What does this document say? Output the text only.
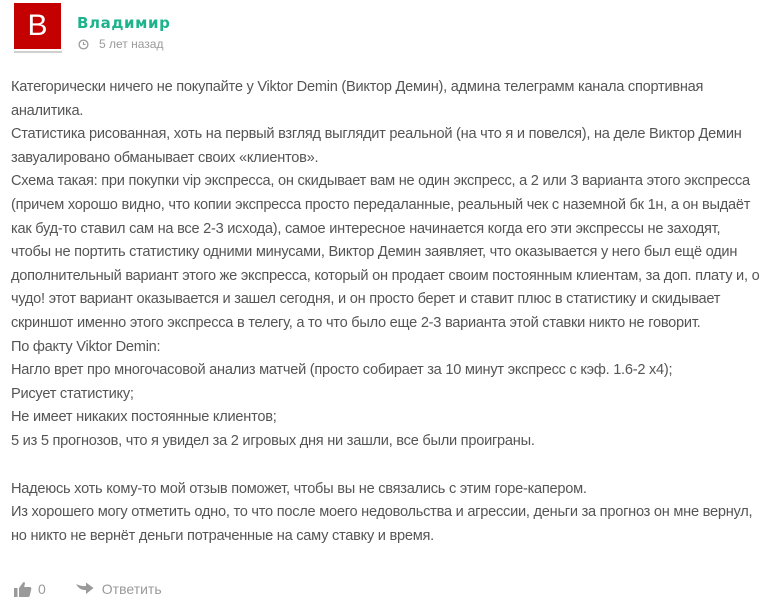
В	Владимир
5 лет назад

Категорически ничего не покупайте у Viktor Demin (Виктор Демин), админа телеграмм канала спортивная аналитика.

Статистика рисованная, хоть на первый взгляд выглядит реальной (на что я и повелся), на деле Виктор Демин завуалировано обманывает своих «клиентов».

Схема такая: при покупки vip экспресса, он скидывает вам не один экспресс, а 2 или 3 варианта этого экспресса (причем хорошо видно, что копии экспресса просто передаланные, реальный чек с наземной бк 1н, а он выдаёт как буд-то ставил сам на все 2-3 исхода), самое интересное начинается когда его эти экспрессы не заходят, чтобы не портить статистику одними минусами, Виктор Демин заявляет, что оказывается у него был ещё один дополнительный вариант этого же экспресса, который он продает своим постоянным клиентам, за доп. плату и, о чудо! этот вариант оказывается и зашел сегодня, и он просто берет и ставит плюс в статистику и скидывает скриншот именно этого экспресса в телегу, а то что было еще 2-3 варианта этой ставки никто не говорит.

По факту Viktor Demin:

Нагло врет про многочасовой анализ матчей (просто собирает за 10 минут экспресс с кэф. 1.6-2 х4);

Рисует статистику;

Не имеет никаких постоянные клиентов;

5 из 5 прогнозов, что я увидел за 2 игровых дня ни зашли, все были проиграны.

Надеюсь хоть кому-то мой отзыв поможет, чтобы вы не связались с этим горе-капером.

Из хорошего могу отметить одно, то что после моего недовольства и агрессии, деньги за прогноз он мне вернул, но никто не вернёт деньги потраченные на саму ставку и время.

0	Ответить
